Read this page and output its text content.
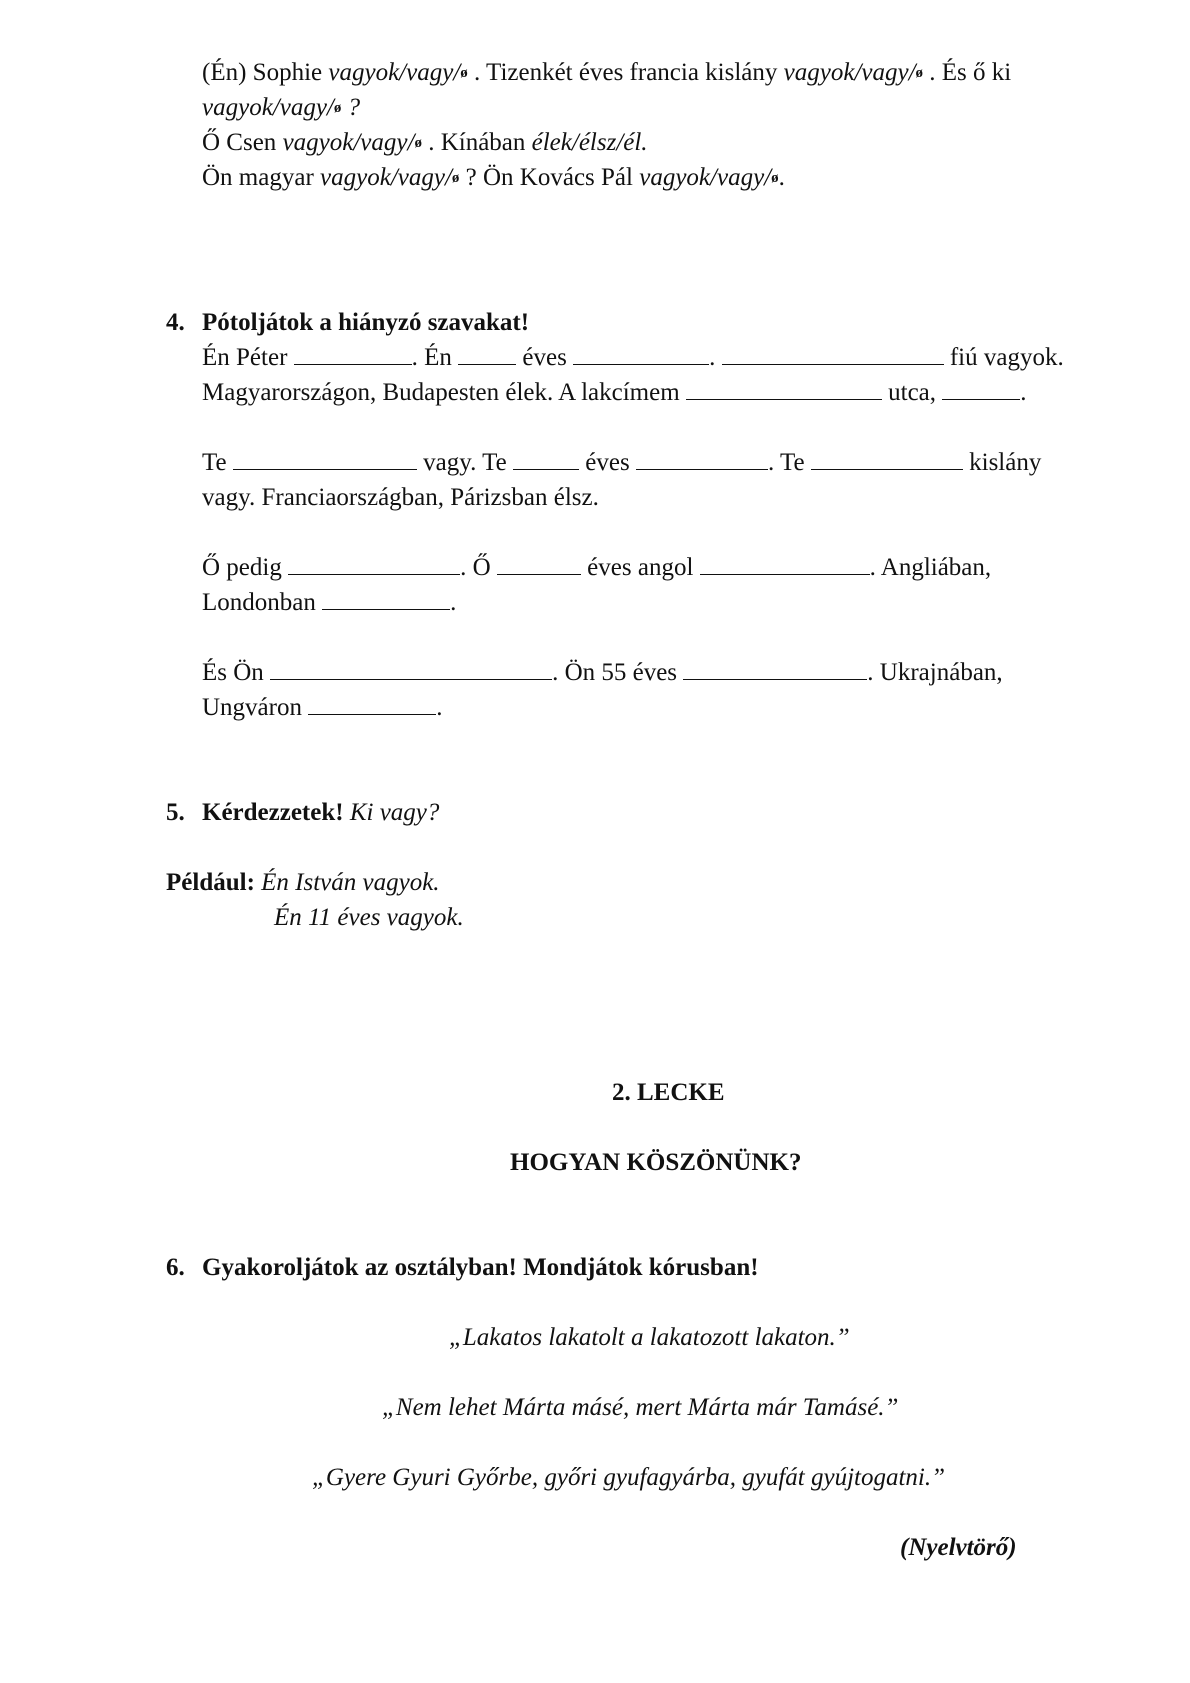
(Én) Sophie vagyok/vagy/ø . Tizenkét éves francia kislány vagyok/vagy/ø . És ő ki
vagyok/vagy/ø ?
Ő Csen vagyok/vagy/ø . Kínában élek/élsz/él.
Ön magyar vagyok/vagy/ø ? Ön Kovács Pál vagyok/vagy/ø.
4. Pótoljátok a hiányzó szavakat!
Én Péter	. Én  éves	.	fiú vagyok.
Magyarországon, Budapesten élek. A lakcímem	utca,	.
Te	vagy. Te	éves	. Te	kislány
vagy. Franciaországban, Párizsban élsz.
Ő pedig	. Ő	éves angol	. Angliában,
Londonban	.
És Ön	. Ön 55 éves	. Ukrajnában,
Ungváron	.
5. Kérdezzetek! Ki vagy?
Például: Én István vagyok.
Én 11 éves vagyok.
2. LECKE
HOGYAN KÖSZÖNÜNK?
6. Gyakoroljátok az osztályban! Mondjátok kórusban!
„Lakatos lakatolt a lakatozott lakaton.”
„Nem lehet Márta másé, mert Márta már Tamásé.”
„Gyere Gyuri Győrbe, győri gyufagyárba, gyufát gyújtogatni.”
(Nyelvtörő)
